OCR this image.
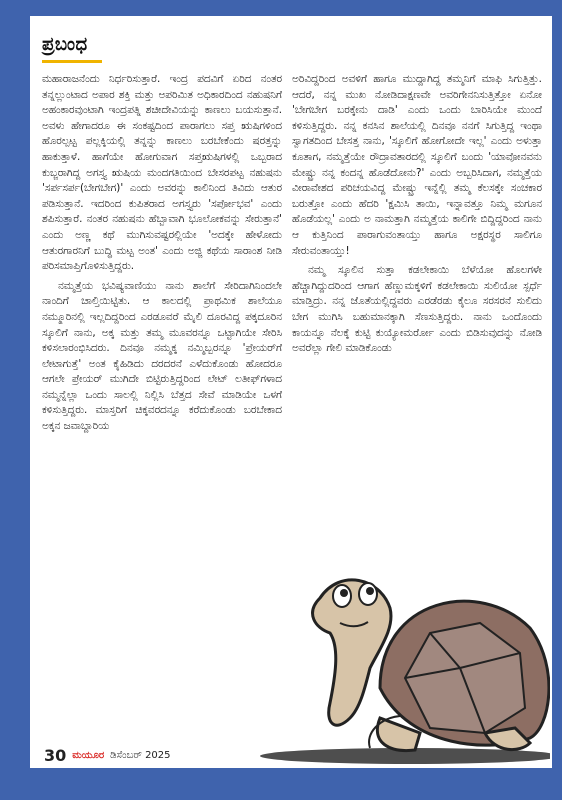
ಪ್ರಬಂಧ

ಮಹಾರಾಜನೆಂದು ನಿರ್ಧರಿಸುತ್ತಾರೆ. ಇಂದ್ರ ಪದವಿಗೆ ಏರಿದ ನಂತರ ತನ್ನಲ್ಲುಂಟಾದ ಅಪಾರ ಶಕ್ತಿ ಮತ್ತು ಅಪರಿಮಿತ ಅಧಿಕಾರದಿಂದ ನಹುಷನಿಗೆ ಅಹಂಕಾರವುಂಟಾಗಿ ಇಂದ್ರಪತ್ನಿ ಶಚೀದೇವಿಯನ್ನು ಕಾಣಲು ಬಯಸುತ್ತಾನೆ. ಅವಳು ಹೇಗಾದರೂ ಈ ಸಂಕಷ್ಟದಿಂದ ಪಾರಾಗಲು ಸಪ್ತ ಋಷಿಗಳಿಂದ ಹೊರಲ್ಪಟ್ಟ ಪಲ್ಲಕ್ಕಿಯಲ್ಲಿ ತನ್ನನ್ನು ಕಾಣಲು ಬರಬೇಕೆಂದು ಷರತ್ತನ್ನು ಹಾಕುತ್ತಾಳೆ. ಹಾಗೆಯೇ ಹೋಗುವಾಗ ಸಪ್ತಋಷಿಗಳಲ್ಲಿ ಒಬ್ಬರಾದ ಕುಬ್ಜರಾಗಿದ್ದ ಅಗಸ್ತ್ಯ ಋಷಿಯ ಮಂದಗತಿಯಿಂದ ಬೇಸರಪಟ್ಟ ನಹುಷನು 'ಸರ್ಪಸರ್ಪ(ಬೇಗಬೇಗ)' ಎಂದು ಅವರನ್ನು ಕಾಲಿನಿಂದ ತಿವಿದು ಆತುರ ಪಡಿಸುತ್ತಾನೆ. ಇದರಿಂದ ಕುಪಿತರಾದ ಅಗಸ್ತ್ಯರು 'ಸರ್ಪೋಭವ' ಎಂದು ಶಪಿಸುತ್ತಾರೆ. ನಂತರ ನಹುಷನು ಹೆಬ್ಬಾವಾಗಿ ಭೂಲೋಕವನ್ನು ಸೇರುತ್ತಾನೆ' ಎಂದು ಅಣ್ಣ ಕಥೆ ಮುಗಿಸುವಷ್ಟರಲ್ಲಿಯೇ 'ಅದಕ್ಕೇ ಹೇಳೋದು ಆತುರಗಾರನಿಗೆ ಬುದ್ಧಿ ಮಟ್ಟ ಅಂತ' ಎಂದು ಅಜ್ಜಿ ಕಥೆಯ ಸಾರಾಂಶ ನೀಡಿ ಪರಿಸಮಾಪ್ತಿಗೊಳಿಸುತ್ತಿದ್ದರು.

ನಮ್ಮತ್ತೆಯ ಭವಿಷ್ಯವಾಣಿಯು ನಾನು ಶಾಲೆಗೆ ಸೇರಿದಾಗಿನಿಂದಲೇ ನಾಂದಿಗೆ ಚಾಲ್ತಿಯಿಟ್ಟಿತು. ಆ ಕಾಲದಲ್ಲಿ ಪ್ರಾಥಮಿಕ ಶಾಲೆಯೂ ನಮ್ಮೂರಿನಲ್ಲಿ ಇಲ್ಲದಿದ್ದರಿಂದ ಎರಡೂವರೆ ಮೈಲಿ ದೂರವಿದ್ದ ಪಕ್ಕದೂರಿನ ಸ್ಕೂಲಿಗೆ ನಾನು, ಅಕ್ಕ ಮತ್ತು ತಮ್ಮ ಮೂವರನ್ನೂ ಒಟ್ಟಾಗಿಯೇ ಸೇರಿಸಿ ಕಳಿಸಲಾರಂಭಿಸಿದರು. ದಿನವೂ ನಮ್ಮಕ್ಕ ನಮ್ಮಿಬ್ಬರನ್ನೂ 'ಪ್ರೇಯರ್‌ಗೆ ಲೇಟಾಗುತ್ತೆ' ಅಂತ ಕೈಹಿಡಿದು ದರದರನೆ ಎಳೆದುಕೊಂಡು ಹೋದರೂ ಆಗಲೇ ಪ್ರೇಯರ್ ಮುಗಿದೇ ಬಿಟ್ಟಿರುತ್ತಿದ್ದರಿಂದ ಲೇಟ್ ಲತೀಫ್‌ಗಳಾದ ನಮ್ಮನ್ನೆಲ್ಲಾ ಒಂದು ಸಾಲಲ್ಲಿ ನಿಲ್ಲಿಸಿ ಬೆತ್ತದ ಸೇವೆ ಮಾಡಿಯೇ ಒಳಗೆ ಕಳಿಸುತ್ತಿದ್ದರು. ಮಾಸ್ತರಿಗೆ ಚಿಕ್ಕವರದನ್ನೂ ಕರೆದುಕೊಂಡು ಬರಬೇಕಾದ ಅಕ್ಕನ ಜವಾಬ್ದಾರಿಯ

ಅರಿವಿದ್ದರಿಂದ ಅವಳಿಗೆ ಹಾಗೂ ಮುದ್ದಾಗಿದ್ದ ತಮ್ಮನಿಗೆ ಮಾಫಿ ಸಿಗುತ್ತಿತ್ತು. ಆದರೆ, ನನ್ನ ಮುಖ ನೋಡಿದಾಕ್ಷಣವೇ ಅವರಿಗೇನನಿಸುತ್ತಿತ್ತೋ ಏನೋ 'ಬೇಗಬೇಗ ಬರಕ್ಕೇನು ದಾಡಿ' ಎಂದು ಒಂದು ಬಾರಿಸಿಯೇ ಮುಂದೆ ಕಳಿಸುತ್ತಿದ್ದರು. ನನ್ನ ಕನಸಿನ ಶಾಲೆಯಲ್ಲಿ ದಿನವೂ ನನಗೆ ಸಿಗುತ್ತಿದ್ದ ಇಂಥಾ ಸ್ವಾಗತದಿಂದ ಬೇಸತ್ತ ನಾನು, 'ಸ್ಕೂಲಿಗೆ ಹೋಗೋದೇ ಇಲ್ಲ' ಎಂದು ಅಳುತ್ತಾ ಕೂತಾಗ, ನಮ್ಮತ್ತೆಯೇ ರೌದ್ರಾವತಾರದಲ್ಲಿ ಸ್ಕೂಲಿಗೆ ಬಂದು 'ಯಾವೋನವನು ಮೇಷ್ಟ್ರು ನನ್ನ ಕಂದನ್ನ ಹೊಡೆದೋನು?' ಎಂದು ಅಬ್ಬರಿಸಿದಾಗ, ನಮ್ಮತ್ತೆಯ ವೀರಾವೇಶದ ಪರಿಚಯವಿದ್ದ ಮೇಷ್ಟ್ರು ಇನ್ನೆಲ್ಲಿ ತಮ್ಮ ಕೆಲಸಕ್ಕೇ ಸಂಚಕಾರ ಬರುತ್ತೋ ಎಂದು ಹೆದರಿ 'ಕ್ಷಮಿಸಿ ತಾಯಿ, ಇನ್ನಾವತ್ತೂ ನಿಮ್ಮ ಮಗೂನ ಹೊಡೆಯಲ್ಲ' ಎಂದು ಅ ನಾಮತ್ತಾಗಿ ನಮ್ಮತ್ತೆಯ ಕಾಲಿಗೇ ಬಿದ್ದಿದ್ದರಿಂದ ನಾನು ಆ ಕುತ್ತಿನಿಂದ ಪಾರಾಗುವಂತಾಯ್ತು ಹಾಗೂ ಅಕ್ಷರಸ್ಥರ ಸಾಲಿಗೂ ಸೇರುವಂತಾಯ್ತು!

ನಮ್ಮ ಸ್ಕೂಲಿನ ಸುತ್ತಾ ಕಡಲೇಕಾಯಿ ಬೆಳೆಯೋ ಹೊಲಗಳೇ ಹೆಚ್ಚಾಗಿದ್ದುದರಿಂದ ಆಗಾಗ ಹೆಣ್ಣುಮಕ್ಕಳಿಗೆ ಕಡಲೇಕಾಯಿ ಸುಲಿಯೋ ಸ್ಪರ್ಧೆ ಮಾಡ್ತಿದ್ರು. ನನ್ನ ಜೊತೆಯಲ್ಲಿದ್ದವರು ಎರಡೆರಡು ಕೈಲೂ ಸರಸರನೆ ಸುಲಿದು ಬೇಗ ಮುಗಿಸಿ ಬಹುಮಾನಕ್ಕಾಗಿ ಸೆಣಸುತ್ತಿದ್ದರು. ನಾನು ಒಂದೊಂದು ಕಾಯನ್ನೂ ನೆಲಕ್ಕೆ ಕುಟ್ಟಿ ಕುಯ್ಯೋಮರ್ರೋ ಎಂದು ಬಿಡಿಸುವುದನ್ನು ನೋಡಿ ಅವರೆಲ್ಲಾ ಗೇಲಿ ಮಾಡಿಕೊಂಡು

30 ಮಯೂರ ಡಿಸೆಂಬರ್ 2025
